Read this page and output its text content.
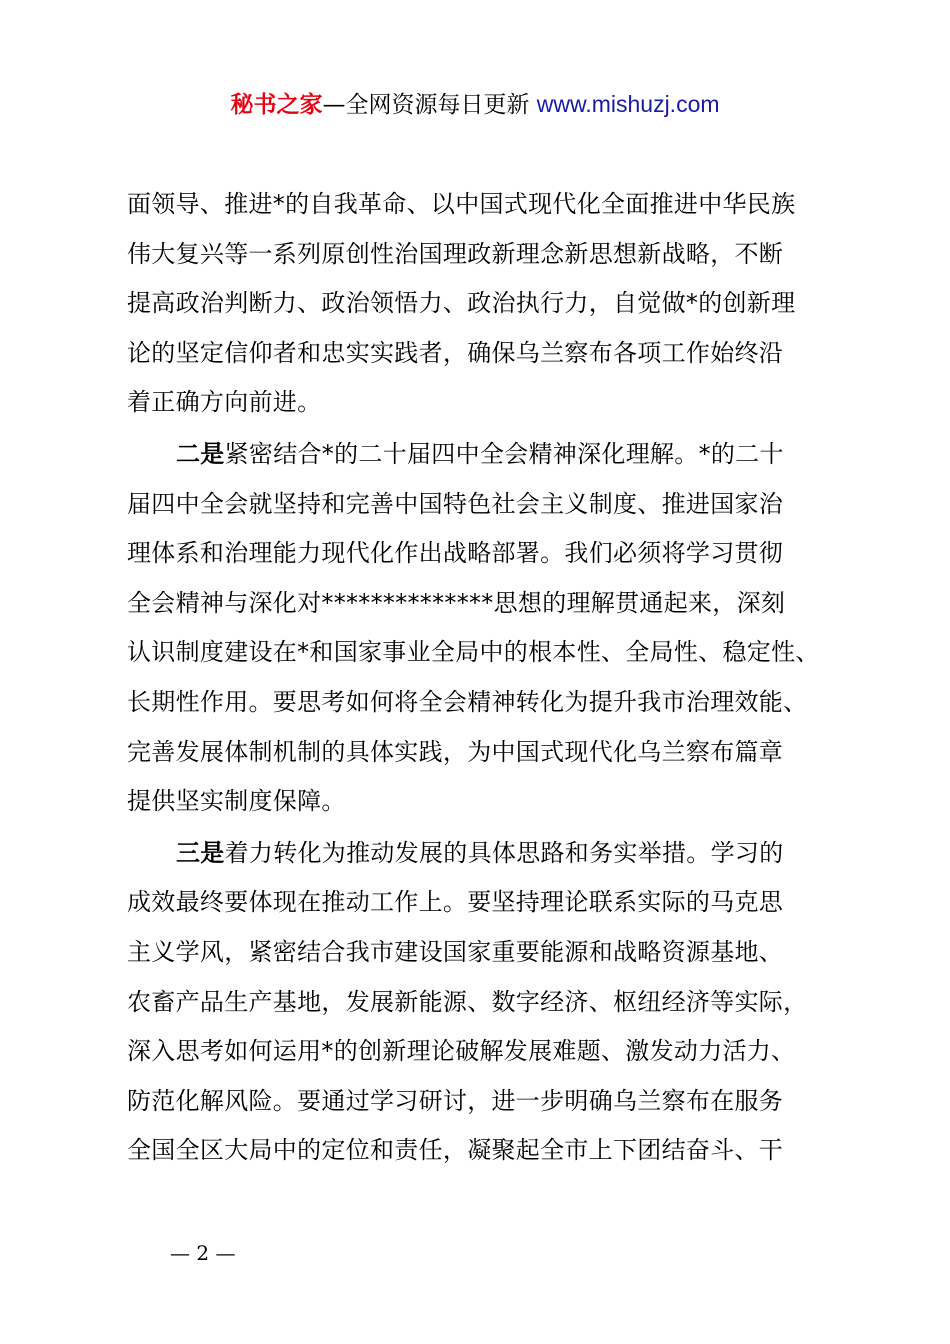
秘书之家—全网资源每日更新 www.mishuzj.com
面领导、推进*的自我革命、以中国式现代化全面推进中华民族
伟大复兴等一系列原创性治国理政新理念新思想新战略，不断
提高政治判断力、政治领悟力、政治执行力，自觉做*的创新理
论的坚定信仰者和忠实实践者，确保乌兰察布各项工作始终沿
着正确方向前进。
二是紧密结合*的二十届四中全会精神深化理解。*的二十
届四中全会就坚持和完善中国特色社会主义制度、推进国家治
理体系和治理能力现代化作出战略部署。我们必须将学习贯彻
全会精神与深化对**************思想的理解贯通起来，深刻
认识制度建设在*和国家事业全局中的根本性、全局性、稳定性、
长期性作用。要思考如何将全会精神转化为提升我市治理效能、
完善发展体制机制的具体实践，为中国式现代化乌兰察布篇章
提供坚实制度保障。
三是着力转化为推动发展的具体思路和务实举措。学习的
成效最终要体现在推动工作上。要坚持理论联系实际的马克思
主义学风，紧密结合我市建设国家重要能源和战略资源基地、
农畜产品生产基地，发展新能源、数字经济、枢纽经济等实际，
深入思考如何运用*的创新理论破解发展难题、激发动力活力、
防范化解风险。要通过学习研讨，进一步明确乌兰察布在服务
全国全区大局中的定位和责任，凝聚起全市上下团结奋斗、干
— 2 —
